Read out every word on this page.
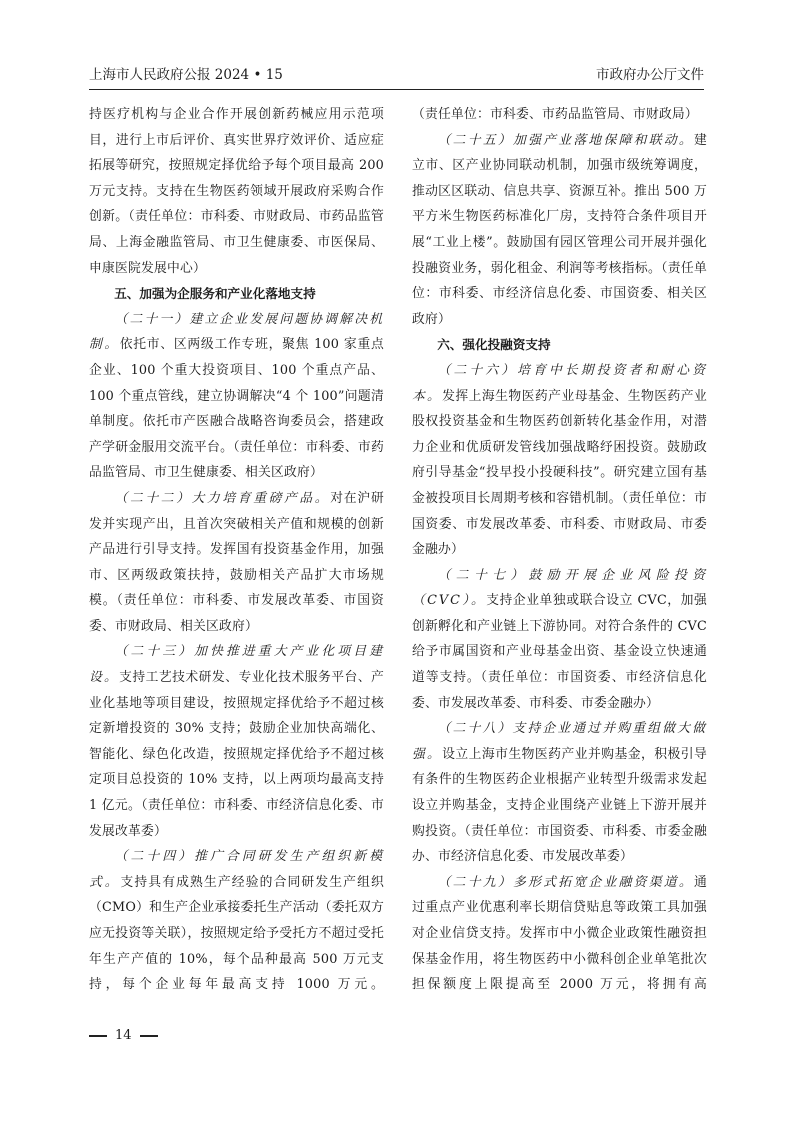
上海市人民政府公报 2024 • 15	市政府办公厅文件

持医疗机构与企业合作开展创新药械应用示范项目，进行上市后评价、真实世界疗效评价、适应症拓展等研究，按照规定择优给予每个项目最高 200 万元支持。支持在生物医药领域开展政府采购合作创新。（责任单位：市科委、市财政局、市药品监管局、上海金融监管局、市卫生健康委、市医保局、申康医院发展中心）

五、加强为企服务和产业化落地支持

（二十一）建立企业发展问题协调解决机制。依托市、区两级工作专班，聚焦 100 家重点企业、100 个重大投资项目、100 个重点产品、100 个重点管线，建立协调解决“4 个 100”问题清单制度。依托市产医融合战略咨询委员会，搭建政产学研金服用交流平台。（责任单位：市科委、市药品监管局、市卫生健康委、相关区政府）

（二十二）大力培育重磅产品。对在沪研发并实现产出，且首次突破相关产值和规模的创新产品进行引导支持。发挥国有投资基金作用，加强市、区两级政策扶持，鼓励相关产品扩大市场规模。（责任单位：市科委、市发展改革委、市国资委、市财政局、相关区政府）

（二十三）加快推进重大产业化项目建设。支持工艺技术研发、专业化技术服务平台、产业化基地等项目建设，按照规定择优给予不超过核定新增投资的 30% 支持；鼓励企业加快高端化、智能化、绿色化改造，按照规定择优给予不超过核定项目总投资的 10% 支持，以上两项均最高支持 1 亿元。（责任单位：市科委、市经济信息化委、市发展改革委）

（二十四）推广合同研发生产组织新模式。支持具有成熟生产经验的合同研发生产组织（CMO）和生产企业承接委托生产活动（委托双方应无投资等关联），按照规定给予受托方不超过受托年生产产值的 10%，每个品种最高 500 万元支持，每个企业每年最高支持 1000 万元。

（责任单位：市科委、市药品监管局、市财政局）

（二十五）加强产业落地保障和联动。建立市、区产业协同联动机制，加强市级统筹调度，推动区区联动、信息共享、资源互补。推出 500 万平方米生物医药标准化厂房，支持符合条件项目开展“工业上楼”。鼓励国有园区管理公司开展并强化投融资业务，弱化租金、利润等考核指标。（责任单位：市科委、市经济信息化委、市国资委、相关区政府）

六、强化投融资支持

（二十六）培育中长期投资者和耐心资本。发挥上海生物医药产业母基金、生物医药产业股权投资基金和生物医药创新转化基金作用，对潜力企业和优质研发管线加强战略纾困投资。鼓励政府引导基金“投早投小投硬科技”。研究建立国有基金被投项目长周期考核和容错机制。（责任单位：市国资委、市发展改革委、市科委、市财政局、市委金融办）

（二十七）鼓励开展企业风险投资（CVC）。支持企业单独或联合设立 CVC，加强创新孵化和产业链上下游协同。对符合条件的 CVC 给予市属国资和产业母基金出资、基金设立快速通道等支持。（责任单位：市国资委、市经济信息化委、市发展改革委、市科委、市委金融办）

（二十八）支持企业通过并购重组做大做强。设立上海市生物医药产业并购基金，积极引导有条件的生物医药企业根据产业转型升级需求发起设立并购基金，支持企业围绕产业链上下游开展并购投资。（责任单位：市国资委、市科委、市委金融办、市经济信息化委、市发展改革委）

（二十九）多形式拓宽企业融资渠道。通过重点产业优惠利率长期信贷贴息等政策工具加强对企业信贷支持。发挥市中小微企业政策性融资担保基金作用，将生物医药中小微科创企业单笔批次担保额度上限提高至 2000 万元，将拥有高

14
